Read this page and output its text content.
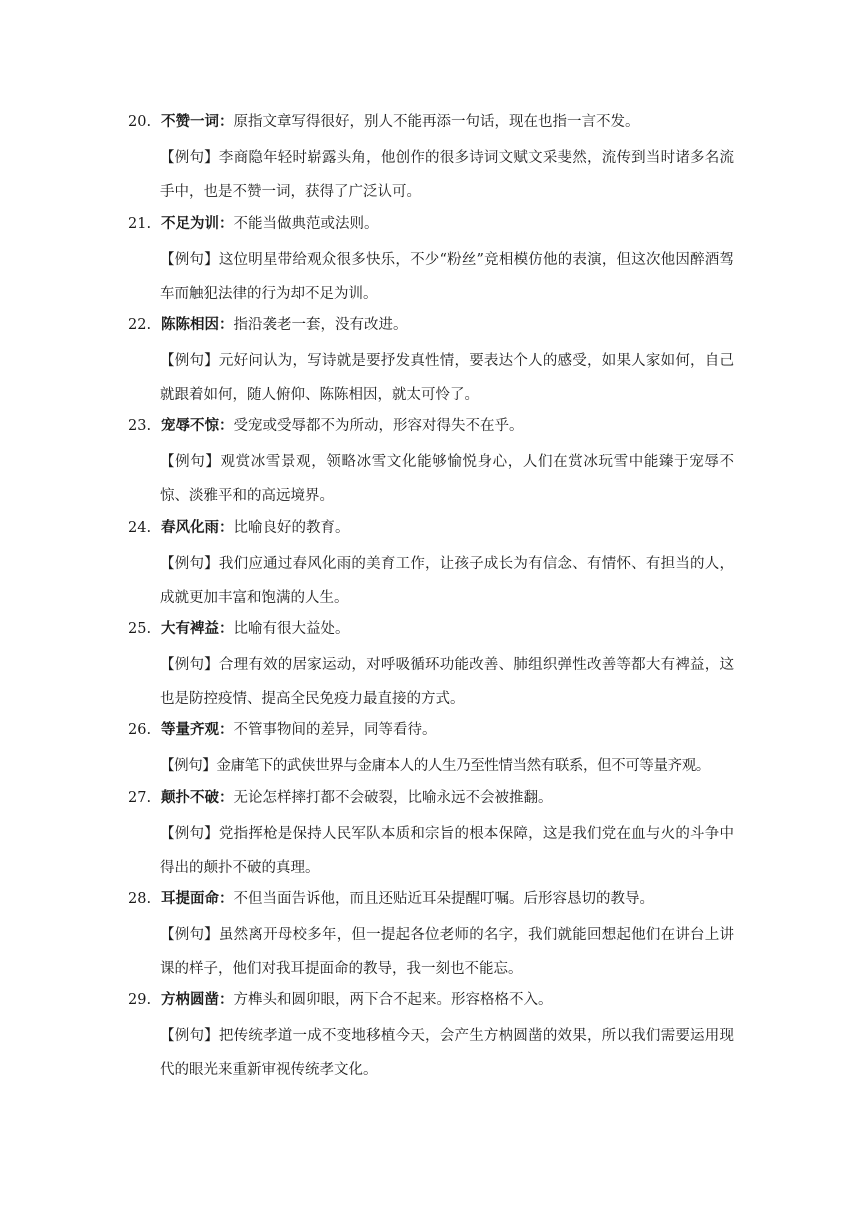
20. 不赞一词：原指文章写得很好，别人不能再添一句话，现在也指一言不发。
【例句】李商隐年轻时崭露头角，他创作的很多诗词文赋文采斐然，流传到当时诸多名流手中，也是不赞一词，获得了广泛认可。
21. 不足为训：不能当做典范或法则。
【例句】这位明星带给观众很多快乐，不少“粉丝”竞相模仿他的表演，但这次他因醉酒驾车而触犯法律的行为却不足为训。
22. 陈陈相因：指沿袭老一套，没有改进。
【例句】元好问认为，写诗就是要抒发真性情，要表达个人的感受，如果人家如何，自己就跟着如何，随人俯仰、陈陈相因，就太可怜了。
23. 宠辱不惊：受宠或受辱都不为所动，形容对得失不在乎。
【例句】观赏冰雪景观，领略冰雪文化能够愉悦身心，人们在赏冰玩雪中能臻于宠辱不惊、淡雅平和的高远境界。
24. 春风化雨：比喻良好的教育。
【例句】我们应通过春风化雨的美育工作，让孩子成长为有信念、有情怀、有担当的人，成就更加丰富和饱满的人生。
25. 大有裨益：比喻有很大益处。
【例句】合理有效的居家运动，对呼吸循环功能改善、肺组织弹性改善等都大有裨益，这也是防控疫情、提高全民免疫力最直接的方式。
26. 等量齐观：不管事物间的差异，同等看待。
【例句】金庸笔下的武侠世界与金庸本人的人生乃至性情当然有联系，但不可等量齐观。
27. 颠扑不破：无论怎样摔打都不会破裂，比喻永远不会被推翻。
【例句】党指挥枪是保持人民军队本质和宗旨的根本保障，这是我们党在血与火的斗争中得出的颠扑不破的真理。
28. 耳提面命：不但当面告诉他，而且还贴近耳朵提醒叮嘱。后形容恳切的教导。
【例句】虽然离开母校多年，但一提起各位老师的名字，我们就能回想起他们在讲台上讲课的样子，他们对我耳提面命的教导，我一刻也不能忘。
29. 方枘圆凿：方榫头和圆卯眼，两下合不起来。形容格格不入。
【例句】把传统孝道一成不变地移植今天，会产生方枘圆凿的效果，所以我们需要运用现代的眼光来重新审视传统孝文化。
